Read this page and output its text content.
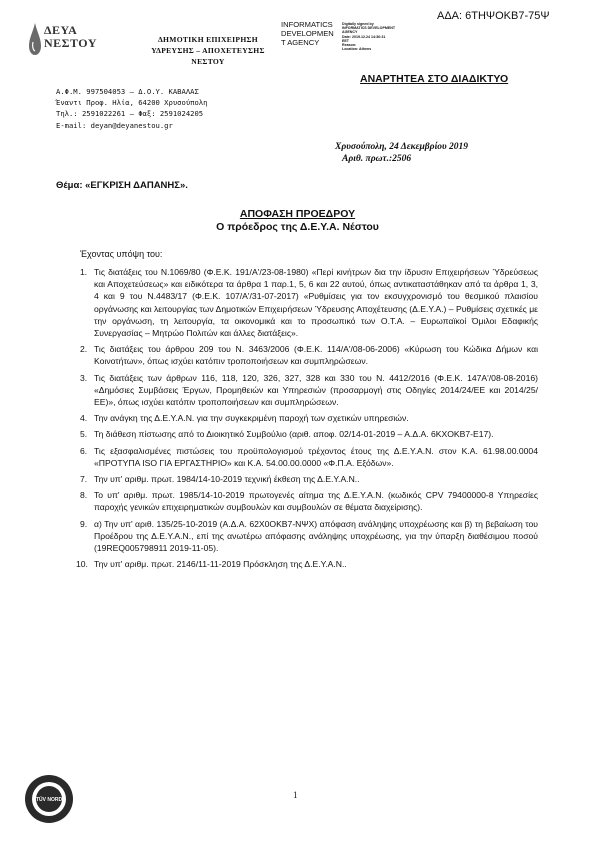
ΑΔΑ: 6ΤΗΨΟΚΒ7-75Ψ
ΔΕΥΑ
ΝΕΣΤΟΥ	ΔΗΜΟΤΙΚΗ ΕΠΙΧΕΙΡΗΣΗ
ΥΔΡΕΥΣΗΣ – ΑΠΟΧΕΤΕΥΣΗΣ
ΝΕΣΤΟΥ
INFORMATICS
DEVELOPMEN
T AGENCY
Digitally signed by
INFORMATICS DEVELOPMENT
AGENCY
Date: 2019.12.24 14:36:31
EET
Reason:
Location: Athens
ΑΝΑΡΤΗΤΕΑ ΣΤΟ ΔΙΑΔΙΚΤΥΟ
Α.Φ.Μ. 997504053 – Δ.Ο.Υ. ΚΑΒΑΛΑΣ
Έναντι Προφ. Ηλία, 64200 Χρυσούπολη
Τηλ.: 2591022261 – Φαξ: 2591024205
E-mail: deyan@deyanestou.gr
Χρυσούπολη, 24 Δεκεμβρίου 2019
Αριθ. πρωτ.:2506
Θέμα: «ΕΓΚΡΙΣΗ ΔΑΠΑΝΗΣ».
ΑΠΟΦΑΣΗ ΠΡΟΕΔΡΟΥ
Ο πρόεδρος της Δ.Ε.Υ.Α. Νέστου
Έχοντας υπόψη του:
1. Τις διατάξεις του Ν.1069/80 (Φ.Ε.Κ. 191/Α'/23-08-1980) «Περί κινήτρων δια την ίδρυσιν Επιχειρήσεων Ύδρεύσεως και Αποχετεύσεως» και ειδικότερα τα άρθρα 1 παρ.1, 5, 6 και 22 αυτού, όπως αντικαταστάθηκαν από τα άρθρα 1, 3, 4 και 9 του Ν.4483/17 (Φ.Ε.Κ. 107/Α'/31-07-2017) «Ρυθμίσεις για τον εκσυγχρονισμό του θεσμικού πλαισίου οργάνωσης και λειτουργίας των Δημοτικών Επιχειρήσεων Ύδρευσης Αποχέτευσης (Δ.Ε.Υ.Α.) – Ρυθμίσεις σχετικές με την οργάνωση, τη λειτουργία, τα οικονομικά και το προσωπικό των Ο.Τ.Α. – Ευρωπαϊκοί Όμιλοι Εδαφικής Συνεργασίας – Μητρώο Πολιτών και άλλες διατάξεις».
2. Τις διατάξεις του άρθρου 209 του Ν. 3463/2006 (Φ.Ε.Κ. 114/Α'/08-06-2006) «Κύρωση του Κώδικα Δήμων και Κοινοτήτων», όπως ισχύει κατόπιν τροποποιήσεων και συμπληρώσεων.
3. Τις διατάξεις των άρθρων 116, 118, 120, 326, 327, 328 και 330 του Ν. 4412/2016 (Φ.Ε.Κ. 147Α'/08-08-2016) «Δημόσιες Συμβάσεις Έργων, Προμηθειών και Υπηρεσιών (προσαρμογή στις Οδηγίες 2014/24/ΕΕ και 2014/25/ΕΕ)», όπως ισχύει κατόπιν τροποποιήσεων και συμπληρώσεων.
4. Την ανάγκη της Δ.Ε.Υ.Α.Ν. για την συγκεκριμένη παροχή των σχετικών υπηρεσιών.
5. Τη διάθεση πίστωσης από το Διοικητικό Συμβούλιο (αριθ. αποφ. 02/14-01-2019 – Α.Δ.Α. 6ΚΧΟΚΒ7-Ε17).
6. Τις εξασφαλισμένες πιστώσεις του προϋπολογισμού τρέχοντος έτους της Δ.Ε.Υ.Α.Ν. στον Κ.Α. 61.98.00.0004 «ΠΡΟΤΥΠΑ ISO ΓΙΑ ΕΡΓΑΣΤΗΡΙΟ» και Κ.Α. 54.00.00.0000 «Φ.Π.Α. Εξόδων».
7. Την υπ' αριθμ. πρωτ. 1984/14-10-2019 τεχνική έκθεση της Δ.Ε.Υ.Α.Ν..
8. Το υπ' αριθμ. πρωτ. 1985/14-10-2019 πρωτογενές αίτημα της Δ.Ε.Υ.Α.Ν. (κωδικός CPV 79400000-8 Υπηρεσίες παροχής γενικών επιχειρηματικών συμβουλών και συμβουλών σε θέματα διαχείρισης).
9. α) Την υπ' αριθ. 135/25-10-2019 (Α.Δ.Α. 62Χ0ΟΚΒ7-ΝΨΧ) απόφαση ανάληψης υποχρέωσης και β) τη βεβαίωση του Προέδρου της Δ.Ε.Υ.Α.Ν., επί της ανωτέρω απόφασης ανάληψης υποχρέωσης, για την ύπαρξη διαθέσιμου ποσού (19REQ005798911 2019-11-05).
10. Την υπ' αριθμ. πρωτ. 2146/11-11-2019 Πρόσκληση της Δ.Ε.Υ.Α.Ν..
TÜV NORD	1
